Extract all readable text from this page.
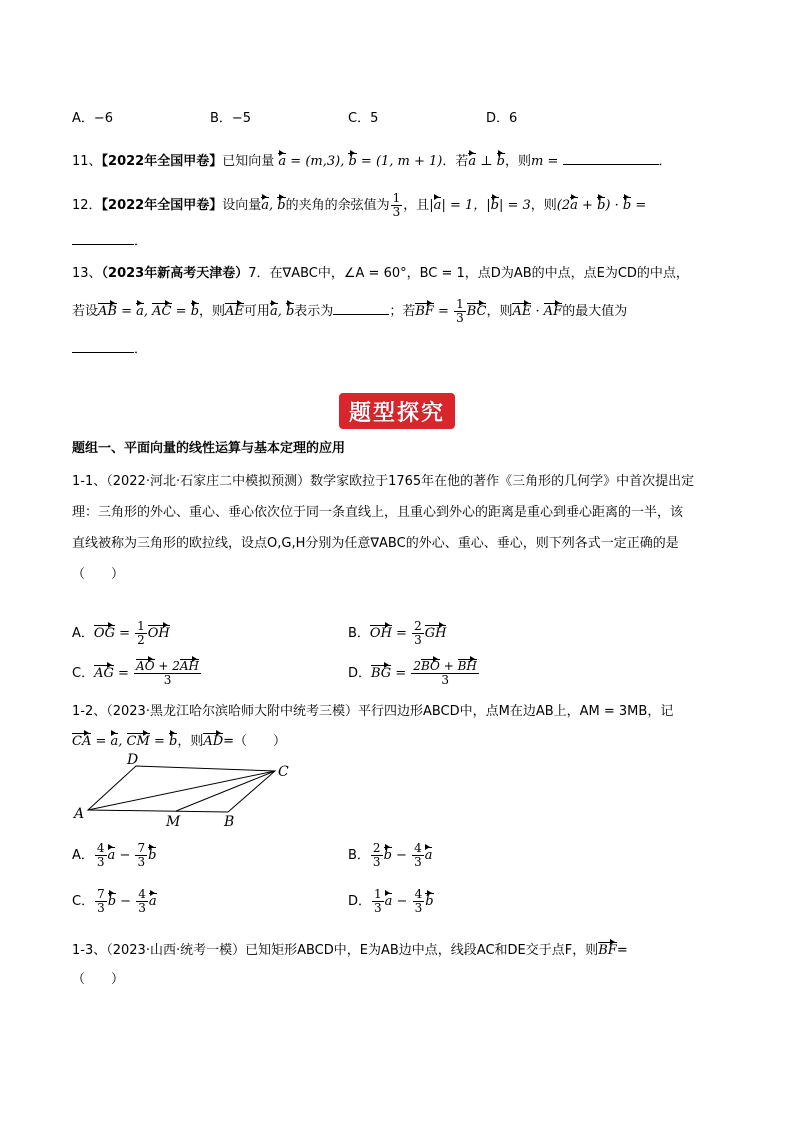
A．−6	B．−5	C．5	D．6
11、【2022年全国甲卷】已知向量 a = (m,3), b = (1, m + 1)．若a ⊥ b，则m =	．
12．【2022年全国甲卷】设向量a, b的夹角的余弦值为 $\frac{1}{3}$ ，且|a| = 1，|b| = 3，则(2a + b) · b =
．
13、（2023年新高考天津卷）7．在∇ABC中，∠A = 60°，BC = 1，点D为AB的中点，点E为CD的中点，
若设AB = a, AC = b，则AE可用a, b表示为	；若BF = $\frac{1}{3}$ BC，则AE · AF的最大值为
．
题型探究
题组一、平面向量的线性运算与基本定理的应用
1-1、（2022·河北·石家庄二中模拟预测）数学家欧拉于1765年在他的著作《三角形的几何学》中首次提出定
理：三角形的外心、重心、垂心依次位于同一条直线上，且重心到外心的距离是重心到垂心距离的一半，该
直线被称为三角形的欧拉线，设点O,G,H分别为任意∇ABC的外心、重心、垂心，则下列各式一定正确的是
（　　）
A．OG = $\frac{1}{2}$ OH	B．OH = $\frac{2}{3}$ GH
C．AG = $\frac{AO + 2AH}{3}$	D．BG = $\frac{2BO + BH}{3}$
1-2、（2023·黑龙江哈尔滨哈师大附中统考三模）平行四边形ABCD中，点M在边AB上，AM = 3MB，记
CA = a, CM = b，则AD=（　　）
A
D
C
M	B
A． $\frac{4}{3}$ $a - \frac{7}{3}$ b	B． $\frac{2}{3}$ $b - \frac{4}{3}$ a
C． $\frac{7}{3}$ $b - \frac{4}{3}$ a	D． $\frac{1}{3}$ $a - \frac{4}{3}$ b
1-3、（2023·山西·统考一模）已知矩形ABCD中，E为AB边中点，线段AC和DE交于点F，则BF=
（　　）
